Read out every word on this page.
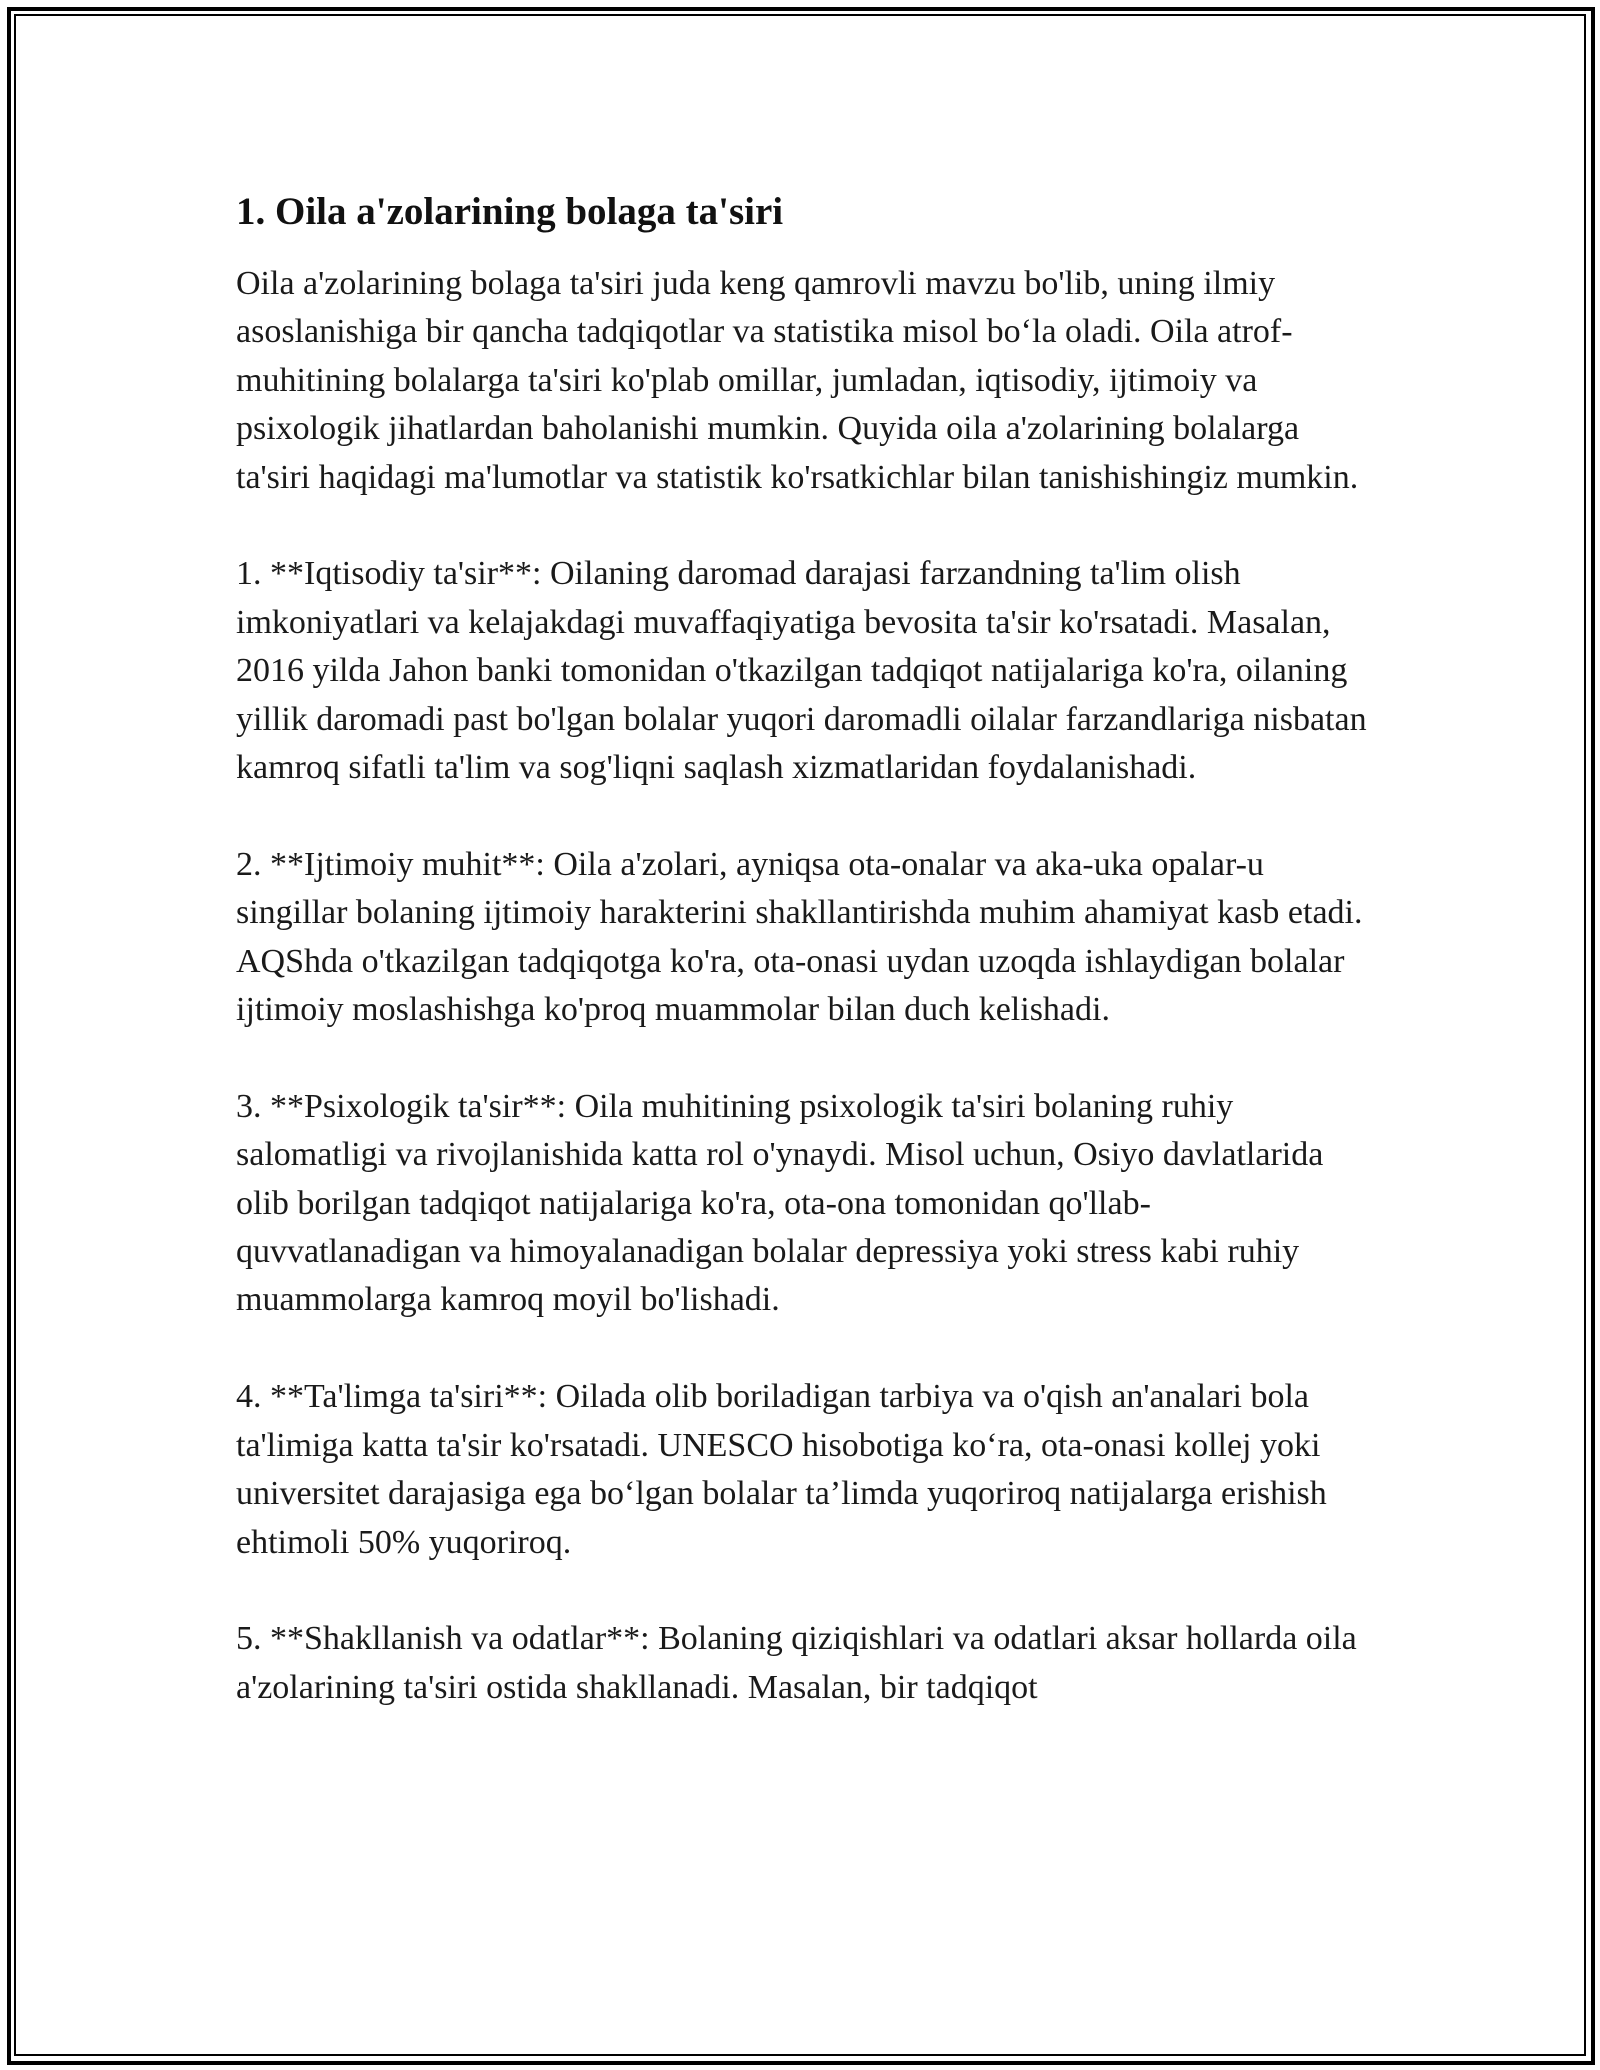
1. Oila a'zolarining bolaga ta'siri

Oila a'zolarining bolaga ta'siri juda keng qamrovli mavzu bo'lib, uning ilmiy asoslanishiga bir qancha tadqiqotlar va statistika misol bo‘la oladi. Oila atrof-muhitining bolalarga ta'siri ko'plab omillar, jumladan, iqtisodiy, ijtimoiy va psixologik jihatlardan baholanishi mumkin. Quyida oila a'zolarining bolalarga ta'siri haqidagi ma'lumotlar va statistik ko'rsatkichlar bilan tanishishingiz mumkin.

1. **Iqtisodiy ta'sir**: Oilaning daromad darajasi farzandning ta'lim olish imkoniyatlari va kelajakdagi muvaffaqiyatiga bevosita ta'sir ko'rsatadi. Masalan, 2016 yilda Jahon banki tomonidan o'tkazilgan tadqiqot natijalariga ko'ra, oilaning yillik daromadi past bo'lgan bolalar yuqori daromadli oilalar farzandlariga nisbatan kamroq sifatli ta'lim va sog'liqni saqlash xizmatlaridan foydalanishadi.

2. **Ijtimoiy muhit**: Oila a'zolari, ayniqsa ota-onalar va aka-uka opalar-u singillar bolaning ijtimoiy harakterini shakllantirishda muhim ahamiyat kasb etadi. AQShda o'tkazilgan tadqiqotga ko'ra, ota-onasi uydan uzoqda ishlaydigan bolalar ijtimoiy moslashishga ko'proq muammolar bilan duch kelishadi.

3. **Psixologik ta'sir**: Oila muhitining psixologik ta'siri bolaning ruhiy salomatligi va rivojlanishida katta rol o'ynaydi. Misol uchun, Osiyo davlatlarida olib borilgan tadqiqot natijalariga ko'ra, ota-ona tomonidan qo'llab-quvvatlanadigan va himoyalanadigan bolalar depressiya yoki stress kabi ruhiy muammolarga kamroq moyil bo'lishadi.

4. **Ta'limga ta'siri**: Oilada olib boriladigan tarbiya va o'qish an'analari bola ta'limiga katta ta'sir ko'rsatadi. UNESCO hisobotiga ko‘ra, ota-onasi kollej yoki universitet darajasiga ega bo‘lgan bolalar ta’limda yuqoriroq natijalarga erishish ehtimoli 50% yuqoriroq.

5. **Shakllanish va odatlar**: Bolaning qiziqishlari va odatlari aksar hollarda oila a'zolarining ta'siri ostida shakllanadi. Masalan, bir tadqiqot
